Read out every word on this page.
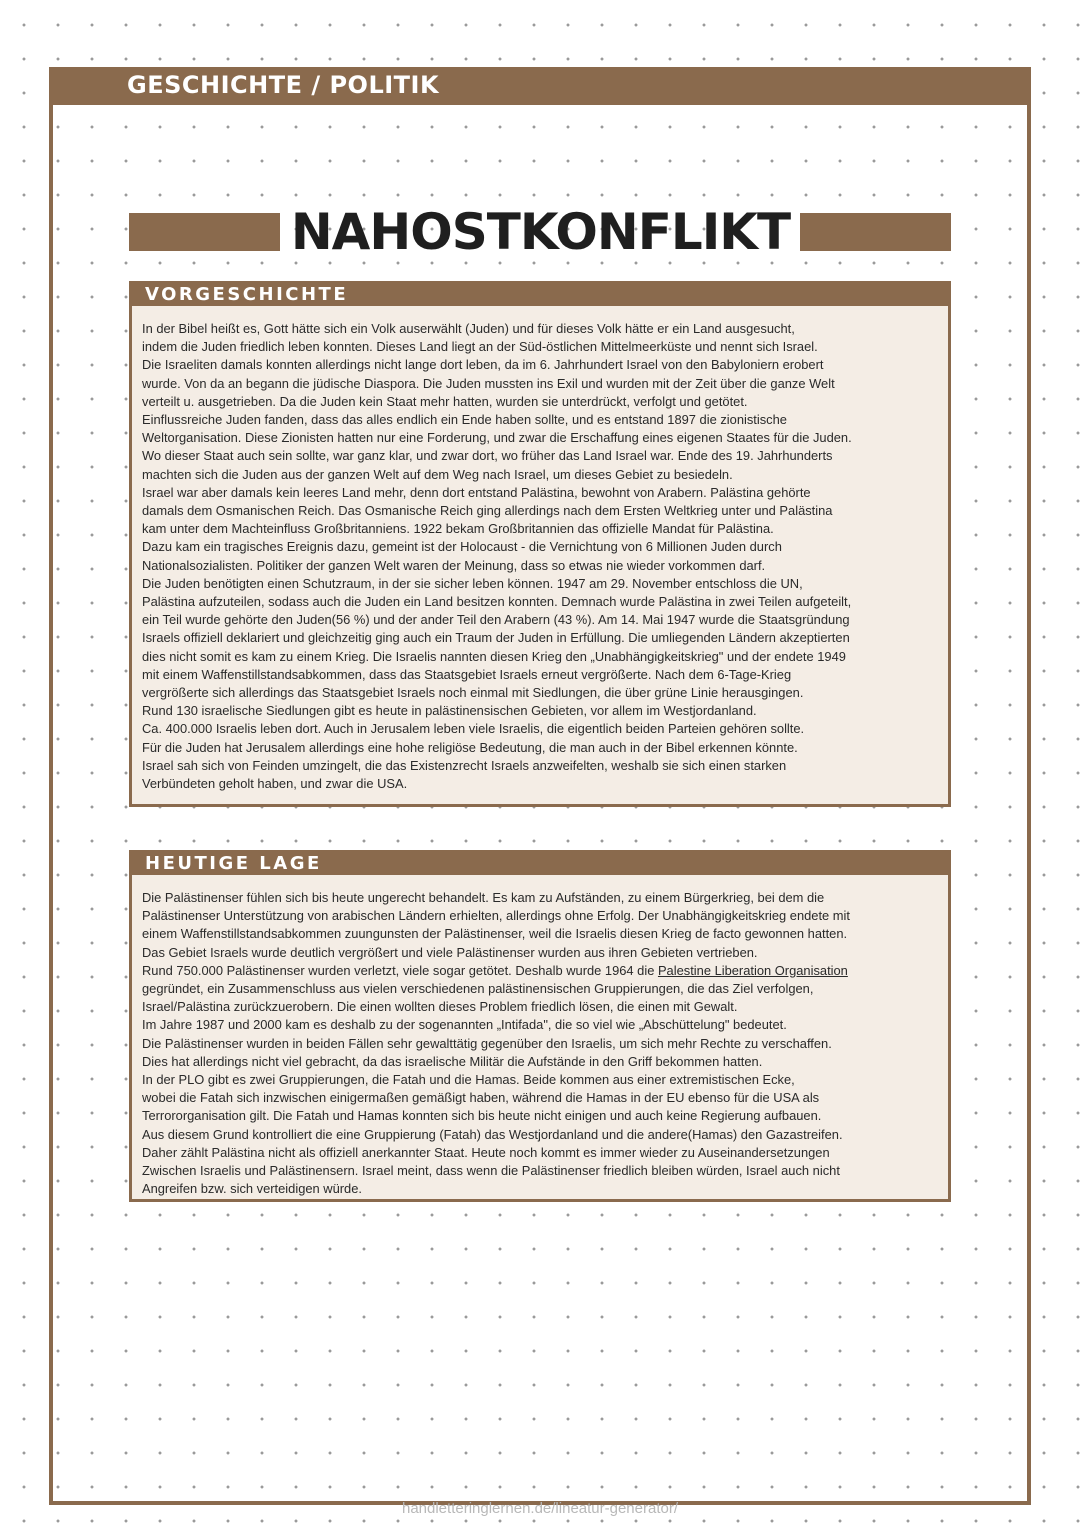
GESCHICHTE / POLITIK
NAHOSTKONFLIKT
VORGESCHICHTE
In der Bibel heißt es, Gott hätte sich ein Volk auserwählt (Juden) und für dieses Volk hätte er ein Land ausgesucht,
indem die Juden friedlich leben konnten. Dieses Land liegt an der Süd-östlichen Mittelmeerküste und nennt sich Israel.
Die Israeliten damals konnten allerdings nicht lange dort leben, da im 6. Jahrhundert Israel von den Babyloniern erobert
wurde. Von da an begann die jüdische Diaspora. Die Juden mussten ins Exil und wurden mit der Zeit über die ganze Welt
verteilt u. ausgetrieben. Da die Juden kein Staat mehr hatten, wurden sie unterdrückt, verfolgt und getötet.
Einflussreiche Juden fanden, dass das alles endlich ein Ende haben sollte, und es entstand 1897 die zionistische
Weltorganisation. Diese Zionisten hatten nur eine Forderung, und zwar die Erschaffung eines eigenen Staates für die Juden.
Wo dieser Staat auch sein sollte, war ganz klar, und zwar dort, wo früher das Land Israel war. Ende des 19. Jahrhunderts
machten sich die Juden aus der ganzen Welt auf dem Weg nach Israel, um dieses Gebiet zu besiedeln.
Israel war aber damals kein leeres Land mehr, denn dort entstand Palästina, bewohnt von Arabern. Palästina gehörte
damals dem Osmanischen Reich. Das Osmanische Reich ging allerdings nach dem Ersten Weltkrieg unter und Palästina
kam unter dem Machteinfluss Großbritanniens. 1922 bekam Großbritannien das offizielle Mandat für Palästina.
Dazu kam ein tragisches Ereignis dazu, gemeint ist der Holocaust - die Vernichtung von 6 Millionen Juden durch
Nationalsozialisten. Politiker der ganzen Welt waren der Meinung, dass so etwas nie wieder vorkommen darf.
Die Juden benötigten einen Schutzraum, in der sie sicher leben können. 1947 am 29. November entschloss die UN,
Palästina aufzuteilen, sodass auch die Juden ein Land besitzen konnten. Demnach wurde Palästina in zwei Teilen aufgeteilt,
ein Teil wurde gehörte den Juden(56 %) und der ander Teil den Arabern (43 %). Am 14. Mai 1947 wurde die Staatsgründung
Israels offiziell deklariert und gleichzeitig ging auch ein Traum der Juden in Erfüllung. Die umliegenden Ländern akzeptierten
dies nicht somit es kam zu einem Krieg. Die Israelis nannten diesen Krieg den „Unabhängigkeitskrieg" und der endete 1949
mit einem Waffenstillstandsabkommen, dass das Staatsgebiet Israels erneut vergrößerte. Nach dem 6-Tage-Krieg
vergrößerte sich allerdings das Staatsgebiet Israels noch einmal mit Siedlungen, die über grüne Linie herausgingen.
Rund 130 israelische Siedlungen gibt es heute in palästinensischen Gebieten, vor allem im Westjordanland.
Ca. 400.000 Israelis leben dort. Auch in Jerusalem leben viele Israelis, die eigentlich beiden Parteien gehören sollte.
Für die Juden hat Jerusalem allerdings eine hohe religiöse Bedeutung, die man auch in der Bibel erkennen könnte.
Israel sah sich von Feinden umzingelt, die das Existenzrecht Israels anzweifelten, weshalb sie sich einen starken
Verbündeten geholt haben, und zwar die USA.
HEUTIGE LAGE
Die Palästinenser fühlen sich bis heute ungerecht behandelt. Es kam zu Aufständen, zu einem Bürgerkrieg, bei dem die
Palästinenser Unterstützung von arabischen Ländern erhielten, allerdings ohne Erfolg. Der Unabhängigkeitskrieg endete mit
einem Waffenstillstandsabkommen zuungunsten der Palästinenser, weil die Israelis diesen Krieg de facto gewonnen hatten.
Das Gebiet Israels wurde deutlich vergrößert und viele Palästinenser wurden aus ihren Gebieten vertrieben.
Rund 750.000 Palästinenser wurden verletzt, viele sogar getötet. Deshalb wurde 1964 die Palestine Liberation Organisation
gegründet, ein Zusammenschluss aus vielen verschiedenen palästinensischen Gruppierungen, die das Ziel verfolgen,
Israel/Palästina zurückzuerobern. Die einen wollten dieses Problem friedlich lösen, die einen mit Gewalt.
Im Jahre 1987 und 2000 kam es deshalb zu der sogenannten „Intifada", die so viel wie „Abschüttelung" bedeutet.
Die Palästinenser wurden in beiden Fällen sehr gewalttätig gegenüber den Israelis, um sich mehr Rechte zu verschaffen.
Dies hat allerdings nicht viel gebracht, da das israelische Militär die Aufstände in den Griff bekommen hatten.
In der PLO gibt es zwei Gruppierungen, die Fatah und die Hamas. Beide kommen aus einer extremistischen Ecke,
wobei die Fatah sich inzwischen einigermaßen gemäßigt haben, während die Hamas in der EU ebenso für die USA als
Terrororganisation gilt. Die Fatah und Hamas konnten sich bis heute nicht einigen und auch keine Regierung aufbauen.
Aus diesem Grund kontrolliert die eine Gruppierung (Fatah) das Westjordanland und die andere(Hamas) den Gazastreifen.
Daher zählt Palästina nicht als offiziell anerkannter Staat. Heute noch kommt es immer wieder zu Auseinandersetzungen
Zwischen Israelis und Palästinensern. Israel meint, dass wenn die Palästinenser friedlich bleiben würden, Israel auch nicht
Angreifen bzw. sich verteidigen würde.
handletteringlernen.de/lineatur-generator/
